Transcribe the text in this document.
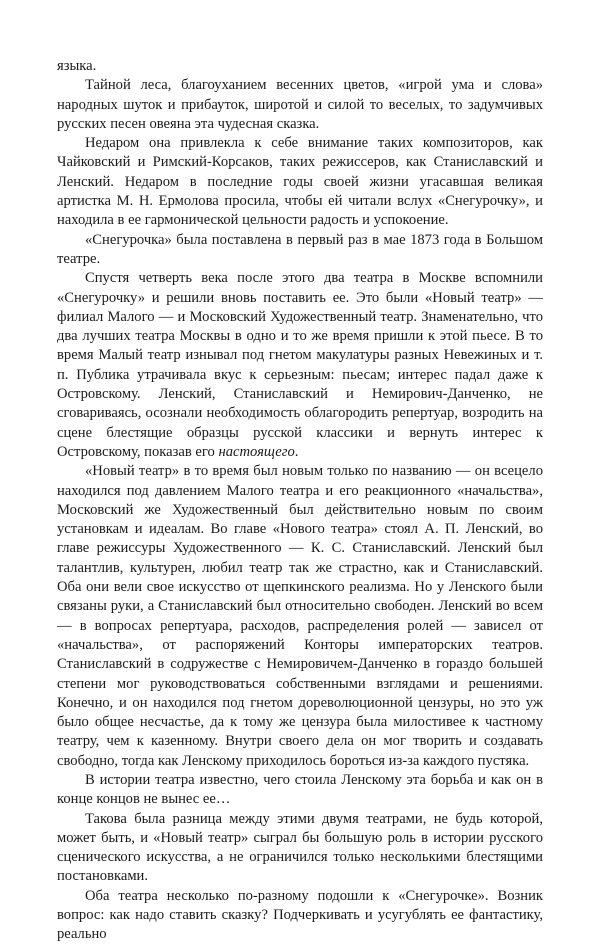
языка.

Тайной леса, благоуханием весенних цветов, «игрой ума и слова» народных шуток и прибауток, широтой и силой то веселых, то задумчивых русских песен овеяна эта чудесная сказка.

Недаром она привлекла к себе внимание таких композиторов, как Чайковский и Римский-Корсаков, таких режиссеров, как Станиславский и Ленский. Недаром в последние годы своей жизни угасавшая великая артистка М. Н. Ермолова просила, чтобы ей читали вслух «Снегурочку», и находила в ее гармонической цельности радость и успокоение.

«Снегурочка» была поставлена в первый раз в мае 1873 года в Большом театре.

Спустя четверть века после этого два театра в Москве вспомнили «Снегурочку» и решили вновь поставить ее. Это были «Новый театр» — филиал Малого — и Московский Художественный театр. Знаменательно, что два лучших театра Москвы в одно и то же время пришли к этой пьесе. В то время Малый театр изнывал под гнетом макулатуры разных Невежиных и т. п. Публика утрачивала вкус к серьезным: пьесам; интерес падал даже к Островскому. Ленский, Станиславский и Немирович-Данченко, не сговариваясь, осознали необходимость облагородить репертуар, возродить на сцене блестящие образцы русской классики и вернуть интерес к Островскому, показав его настоящего.

«Новый театр» в то время был новым только по названию — он всецело находился под давлением Малого театра и его реакционного «начальства», Московский же Художественный был действительно новым по своим установкам и идеалам. Во главе «Нового театра» стоял А. П. Ленский, во главе режиссуры Художественного — К. С. Станиславский. Ленский был талантлив, культурен, любил театр так же страстно, как и Станиславский. Оба они вели свое искусство от щепкинского реализма. Но у Ленского были связаны руки, а Станиславский был относительно свободен. Ленский во всем — в вопросах репертуара, расходов, распределения ролей — зависел от «начальства», от распоряжений Конторы императорских театров. Станиславский в содружестве с Немировичем-Данченко в гораздо большей степени мог руководствоваться собственными взглядами и решениями. Конечно, и он находился под гнетом дореволюционной цензуры, но это уж было общее несчастье, да к тому же цензура была милостивее к частному театру, чем к казенному. Внутри своего дела он мог творить и создавать свободно, тогда как Ленскому приходилось бороться из-за каждого пустяка.

В истории театра известно, чего стоила Ленскому эта борьба и как он в конце концов не вынес ее…

Такова была разница между этими двумя театрами, не будь которой, может быть, и «Новый театр» сыграл бы большую роль в истории русского сценического искусства, а не ограничился только несколькими блестящими постановками.

Оба театра несколько по-разному подошли к «Снегурочке». Возник вопрос: как надо ставить сказку? Подчеркивать и усугублять ее фантастику, реально
